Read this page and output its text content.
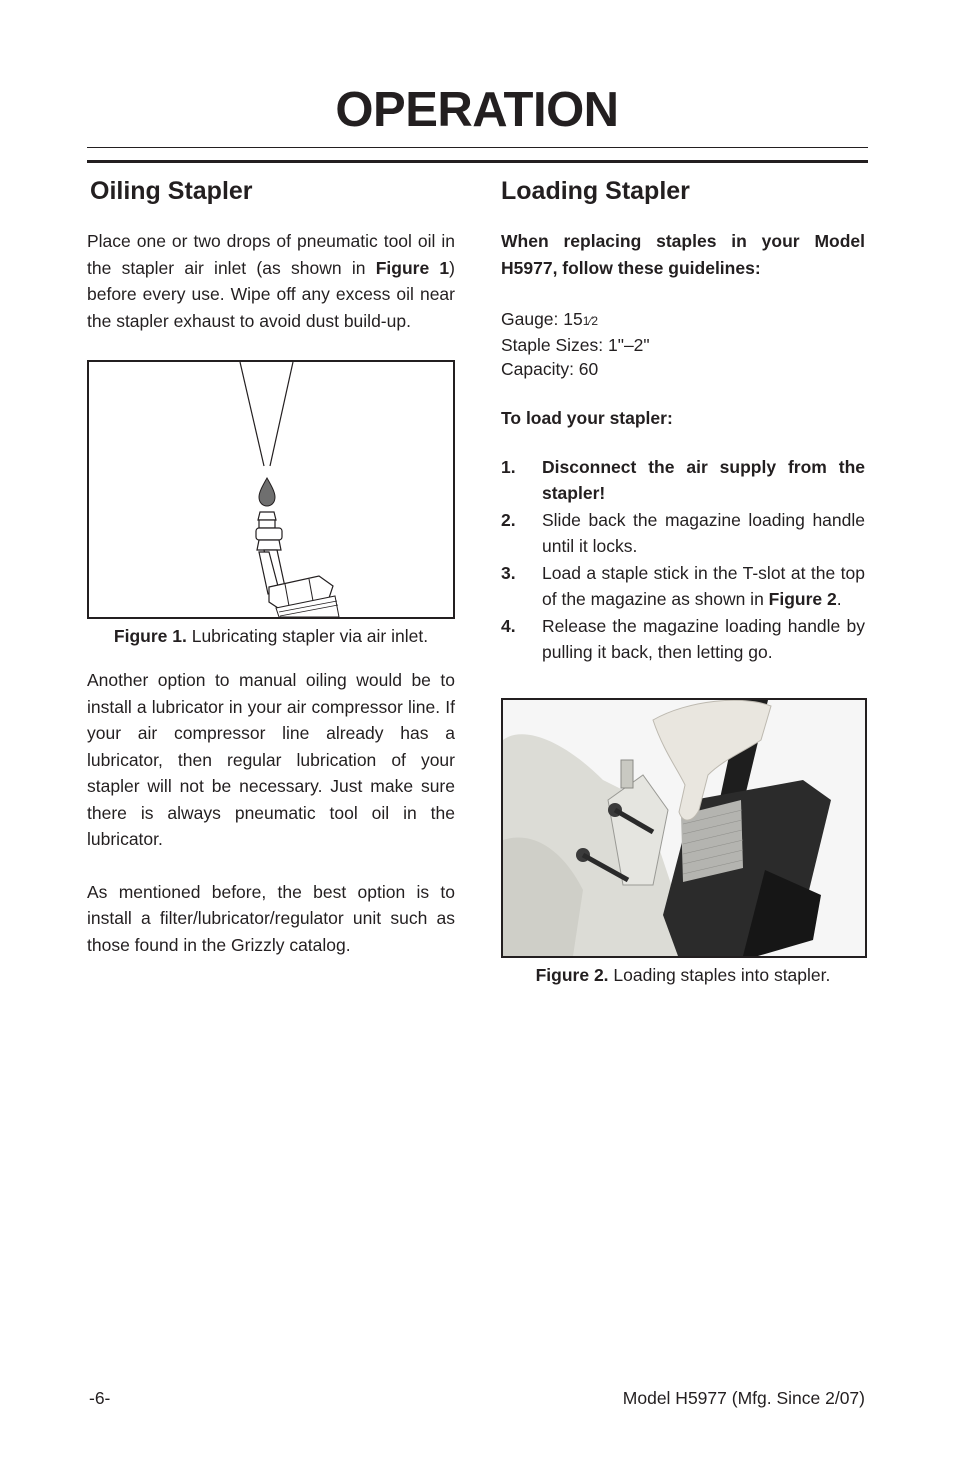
OPERATION
Oiling Stapler

Place one or two drops of pneumatic tool oil in the stapler air inlet (as shown in Figure 1) before every use. Wipe off any excess oil near the stapler exhaust to avoid dust build-up.

Figure 1. Lubricating stapler via air inlet.

Another option to manual oiling would be to install a lubricator in your air compressor line. If your air compressor line already has a lubricator, then regular lubrication of your stapler will not be necessary. Just make sure there is always pneumatic tool oil in the lubricator.

As mentioned before, the best option is to install a filter/lubricator/regulator unit such as those found in the Grizzly catalog.

Loading Stapler

When replacing staples in your Model H5977, follow these guidelines:

Gauge: 151⁄2
Staple Sizes: 1"–2"
Capacity: 60

To load your stapler:

1.	Disconnect the air supply from the stapler!
2.	Slide back the magazine loading handle until it locks.
3.	Load a staple stick in the T-slot at the top of the magazine as shown in Figure 2.
4.	Release the magazine loading handle by pulling it back, then letting go.
Figure 2. Loading staples into stapler.
-6-	Model H5977 (Mfg. Since 2/07)
